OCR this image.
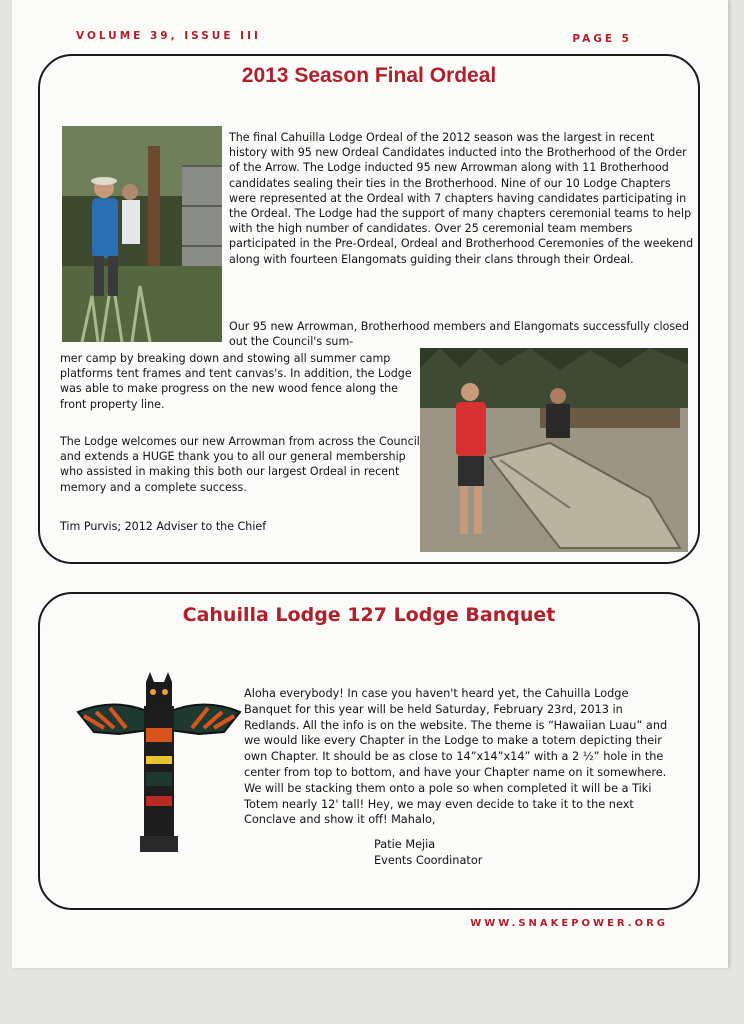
VOLUME 39, ISSUE III	PAGE 5
2013 Season Final Ordeal
The final Cahuilla Lodge Ordeal of the 2012 season was the largest in recent history with 95 new Ordeal Candidates inducted into the Brotherhood of the Order of the Arrow. The Lodge inducted 95 new Arrowman along with 11 Brotherhood candidates sealing their ties in the Brotherhood. Nine of our 10 Lodge Chapters were represented at the Ordeal with 7 chapters having candidates participating in the Ordeal. The Lodge had the support of many chapters ceremonial teams to help with the high number of candidates. Over 25 ceremonial team members participated in the Pre-Ordeal, Ordeal and Brotherhood Ceremonies of the weekend along with fourteen Elangomats guiding their clans through their Ordeal.
Our 95 new Arrowman, Brotherhood members and Elangomats successfully closed out the Council's sum-
mer camp by breaking down and stowing all summer camp platforms tent frames and tent canvas's. In addition, the Lodge was able to make progress on the new wood fence along the front property line.
The Lodge welcomes our new Arrowman from across the Council and extends a HUGE thank you to all our general membership who assisted in making this both our largest Ordeal in recent memory and a complete success.
Tim Purvis; 2012 Adviser to the Chief
Cahuilla Lodge 127 Lodge Banquet
Aloha everybody! In case you haven't heard yet, the Cahuilla Lodge Banquet for this year will be held Saturday, February 23rd, 2013 in Redlands. All the info is on the website. The theme is “Hawaiian Luau” and we would like every Chapter in the Lodge to make a totem depicting their own Chapter. It should be as close to 14”x14”x14” with a 2 ½” hole in the center from top to bottom, and have your Chapter name on it somewhere. We will be stacking them onto a pole so when completed it will be a Tiki Totem nearly 12' tall! Hey, we may even decide to take it to the next Conclave and show it off! Mahalo,
Patie Mejia
Events Coordinator
WWW.SNAKEPOWER.ORG
